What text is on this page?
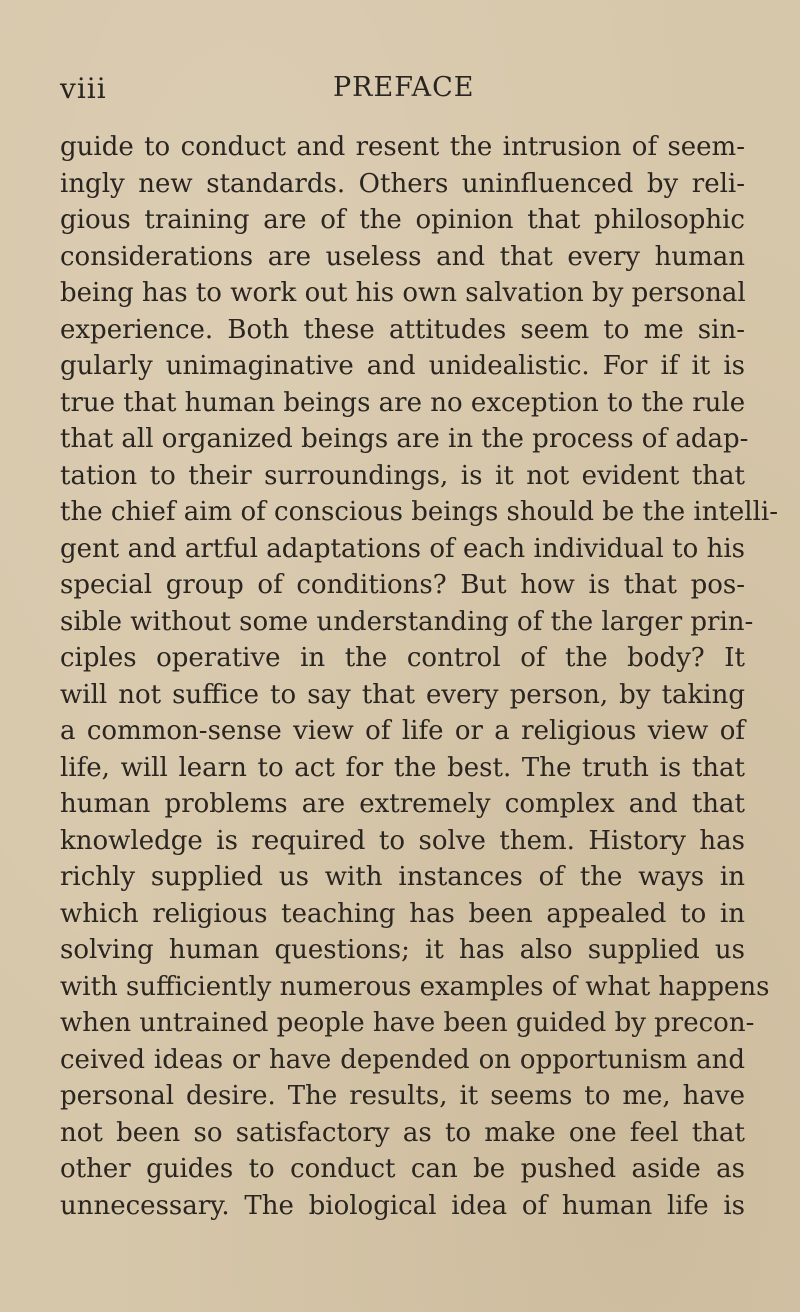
viii	PREFACE
guide to conduct and resent the intrusion of seem-
ingly new standards. Others uninfluenced by reli-
gious training are of the opinion that philosophic
considerations are useless and that every human
being has to work out his own salvation by personal
experience. Both these attitudes seem to me sin-
gularly unimaginative and unidealistic. For if it is
true that human beings are no exception to the rule
that all organized beings are in the process of adap-
tation to their surroundings, is it not evident that
the chief aim of conscious beings should be the intelli-
gent and artful adaptations of each individual to his
special group of conditions? But how is that pos-
sible without some understanding of the larger prin-
ciples operative in the control of the body? It
will not suffice to say that every person, by taking
a common-sense view of life or a religious view of
life, will learn to act for the best. The truth is that
human problems are extremely complex and that
knowledge is required to solve them. History has
richly supplied us with instances of the ways in
which religious teaching has been appealed to in
solving human questions; it has also supplied us
with sufficiently numerous examples of what happens
when untrained people have been guided by precon-
ceived ideas or have depended on opportunism and
personal desire. The results, it seems to me, have
not been so satisfactory as to make one feel that
other guides to conduct can be pushed aside as
unnecessary. The biological idea of human life is
